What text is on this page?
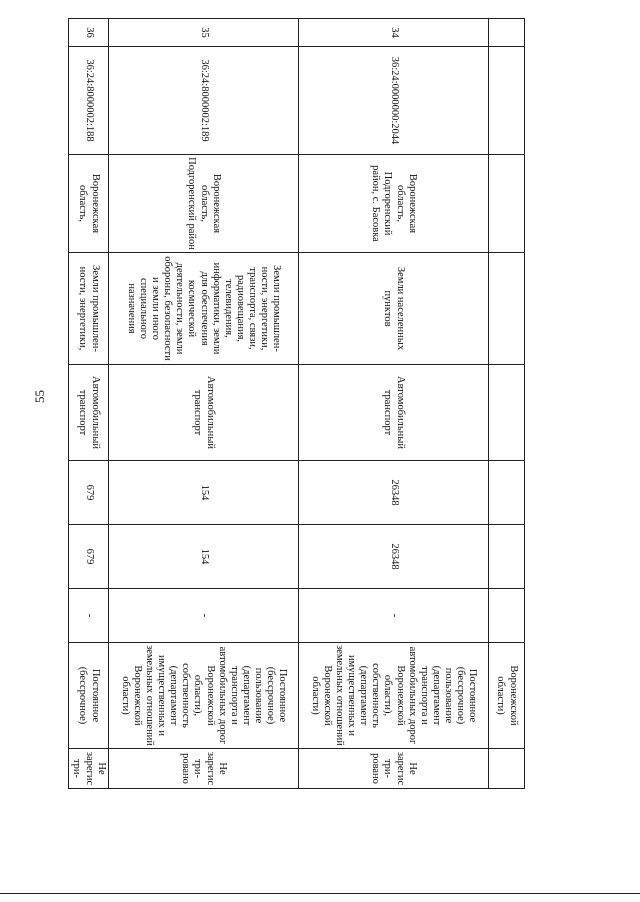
55
								Воронежской области)	
34	36:24:0000000:2044	Воронежская область, Подгоренский район, с. Басовка	Земли населенных пунктов	Автомобильный транспорт	26348	26348	-	Постоянное (бессрочное) пользование (департамент транспорта и автомобильных дорог Воронежской области), собственность (департамент имущественных и земельных отношений Воронежской области)	Не зарегистри-ровано
35	36:24:8000002:189	Воронежская область, Подгоренский район	Земли промышлен-ности, энергетики, транспорта, связи, радиовещания, телевидения, информатики, земли для обеспечения космической деятельности, земли обороны, безопасности и земли иного специального назначения	Автомобильный транспорт	154	154	-	Постоянное (бессрочное) пользование (департамент транспорта и автомобильных дорог Воронежской области), собственность (департамент имущественных и земельных отношений Воронежской области)	Не зарегистри-ровано
36	36:24:8000002:188	Воронежская область,	Земли промышлен-ности, энергетики,	Автомобильный транспорт	679	679	-	Постоянное (бессрочное)	Не зарегистри-
